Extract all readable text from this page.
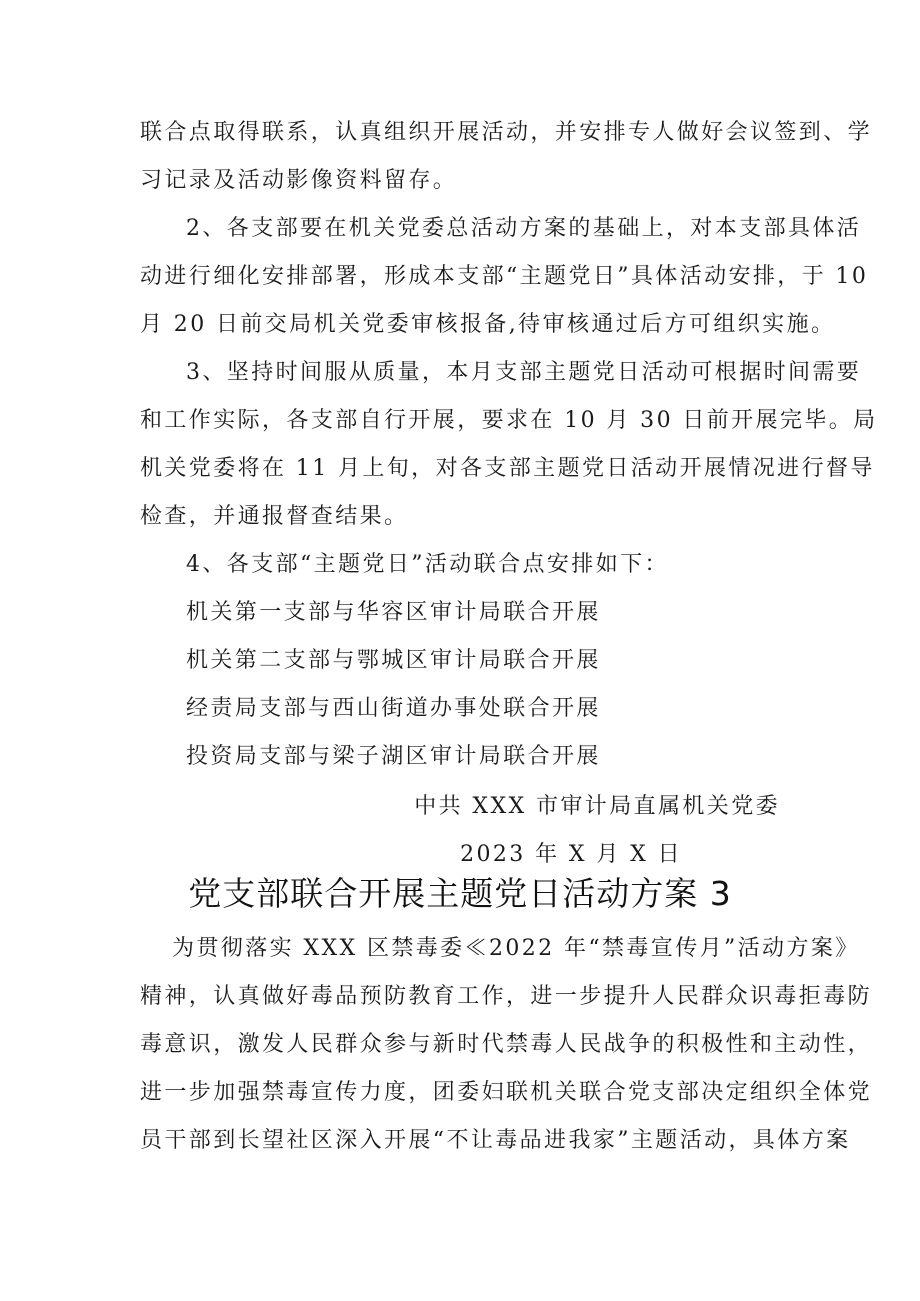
联合点取得联系，认真组织开展活动，并安排专人做好会议签到、学
习记录及活动影像资料留存。
2、各支部要在机关党委总活动方案的基础上，对本支部具体活
动进行细化安排部署，形成本支部“主题党日”具体活动安排，于 10
月 20 日前交局机关党委审核报备,待审核通过后方可组织实施。
3、坚持时间服从质量，本月支部主题党日活动可根据时间需要
和工作实际，各支部自行开展，要求在 10 月 30 日前开展完毕。局
机关党委将在 11 月上旬，对各支部主题党日活动开展情况进行督导
检查，并通报督查结果。
4、各支部“主题党日”活动联合点安排如下：
机关第一支部与华容区审计局联合开展
机关第二支部与鄂城区审计局联合开展
经责局支部与西山街道办事处联合开展
投资局支部与梁子湖区审计局联合开展
中共 XXX 市审计局直属机关党委
2023 年 X 月 X 日
党支部联合开展主题党日活动方案 3
为贯彻落实 XXX 区禁毒委≪2022 年“禁毒宣传月”活动方案》
精神，认真做好毒品预防教育工作，进一步提升人民群众识毒拒毒防
毒意识，激发人民群众参与新时代禁毒人民战争的积极性和主动性，
进一步加强禁毒宣传力度，团委妇联机关联合党支部决定组织全体党
员干部到长望社区深入开展“不让毒品进我家”主题活动，具体方案
